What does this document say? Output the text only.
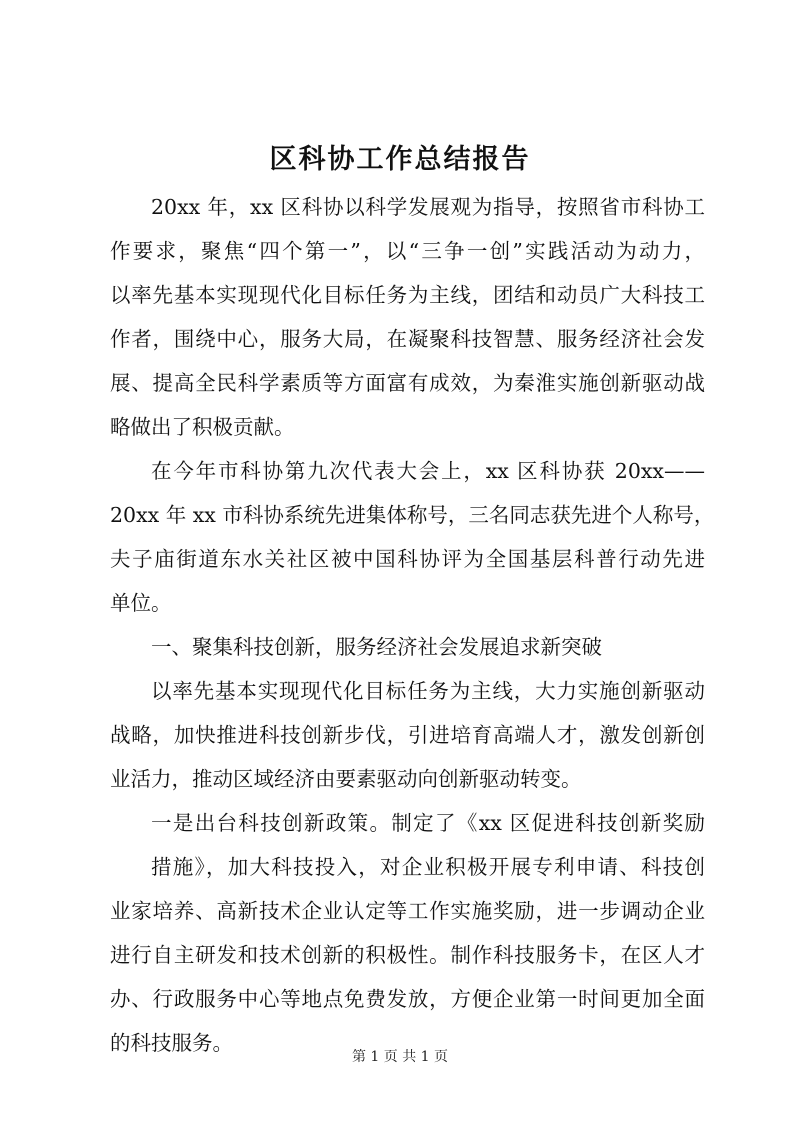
区科协工作总结报告
20xx 年，xx 区科协以科学发展观为指导，按照省市科协工
作要求，聚焦“四个第一”，以“三争一创”实践活动为动力，
以率先基本实现现代化目标任务为主线，团结和动员广大科技工
作者，围绕中心，服务大局，在凝聚科技智慧、服务经济社会发
展、提高全民科学素质等方面富有成效，为秦淮实施创新驱动战
略做出了积极贡献。
在今年市科协第九次代表大会上，xx 区科协获 20xx——
20xx 年 xx 市科协系统先进集体称号，三名同志获先进个人称号，
夫子庙街道东水关社区被中国科协评为全国基层科普行动先进
单位。
一、聚集科技创新，服务经济社会发展追求新突破
以率先基本实现现代化目标任务为主线，大力实施创新驱动
战略，加快推进科技创新步伐，引进培育高端人才，激发创新创
业活力，推动区域经济由要素驱动向创新驱动转变。
一是出台科技创新政策。制定了《xx 区促进科技创新奖励
措施》，加大科技投入，对企业积极开展专利申请、科技创
业家培养、高新技术企业认定等工作实施奖励，进一步调动企业
进行自主研发和技术创新的积极性。制作科技服务卡，在区人才
办、行政服务中心等地点免费发放，方便企业第一时间更加全面
的科技服务。
第 1 页 共 1 页
